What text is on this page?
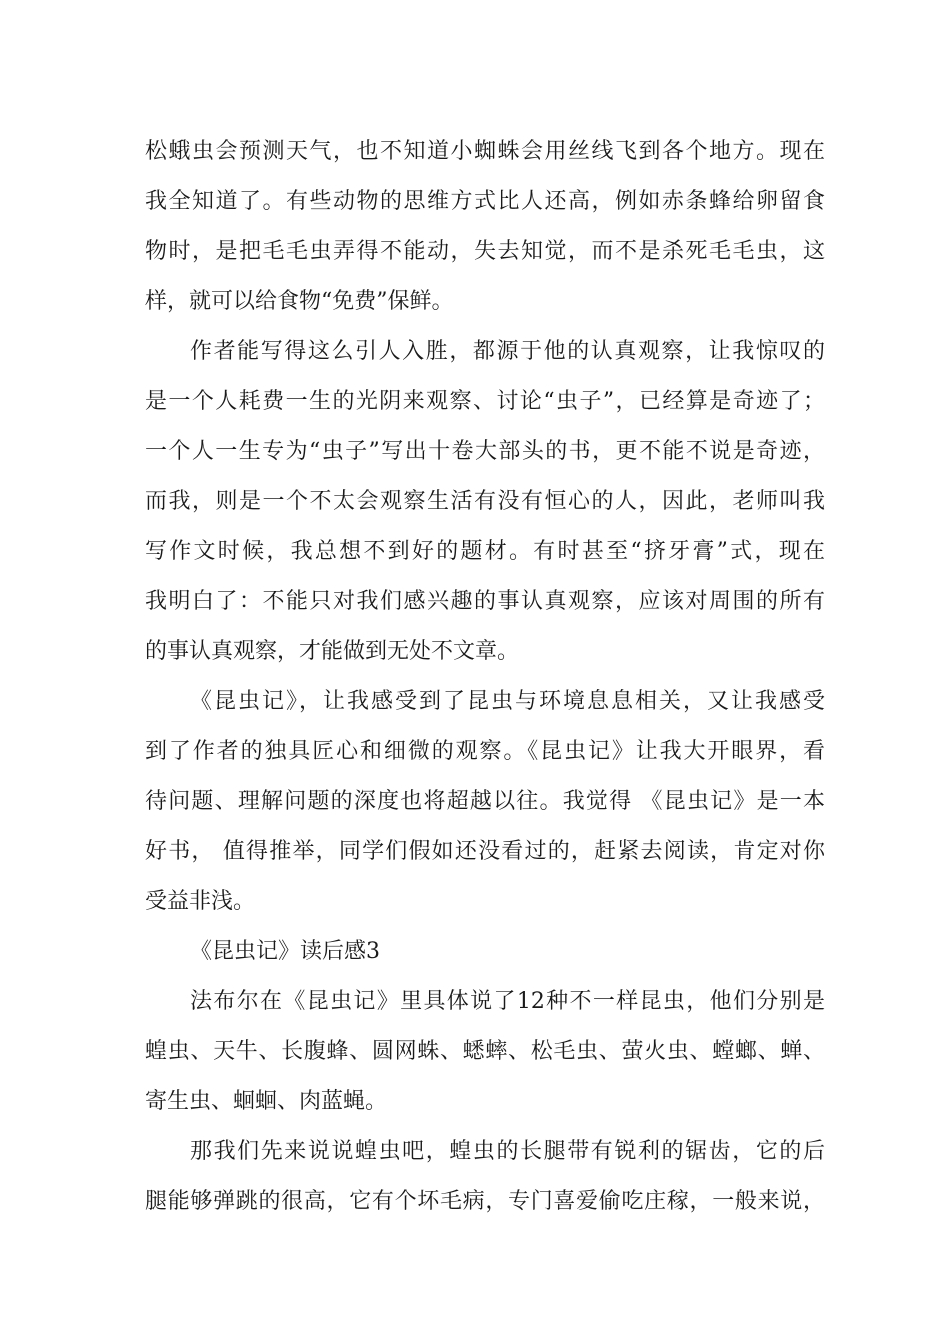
松蛾虫会预测天气，也不知道小蜘蛛会用丝线飞到各个地方。现在
我全知道了。有些动物的思维方式比人还高，例如赤条蜂给卵留食
物时，是把毛毛虫弄得不能动，失去知觉，而不是杀死毛毛虫，这
样，就可以给食物“免费”保鲜。
作者能写得这么引人入胜，都源于他的认真观察，让我惊叹的
是一个人耗费一生的光阴来观察、讨论“虫子”，已经算是奇迹了；
一个人一生专为“虫子”写出十卷大部头的书，更不能不说是奇迹，
而我，则是一个不太会观察生活有没有恒心的人，因此，老师叫我
写作文时候，我总想不到好的题材。有时甚至“挤牙膏”式，现在
我明白了：不能只对我们感兴趣的事认真观察，应该对周围的所有
的事认真观察，才能做到无处不文章。
《昆虫记》，让我感受到了昆虫与环境息息相关，又让我感受
到了作者的独具匠心和细微的观察。《昆虫记》让我大开眼界，看
待问题、理解问题的深度也将超越以往。我觉得 《昆虫记》是一本
好书， 值得推举，同学们假如还没看过的，赶紧去阅读，肯定对你
受益非浅。
《昆虫记》读后感3
法布尔在《昆虫记》里具体说了12种不一样昆虫，他们分别是
蝗虫、天牛、长腹蜂、圆网蛛、蟋蟀、松毛虫、萤火虫、螳螂、蝉、
寄生虫、蛔蛔、肉蓝蝇。
那我们先来说说蝗虫吧，蝗虫的长腿带有锐利的锯齿，它的后
腿能够弹跳的很高，它有个坏毛病，专门喜爱偷吃庄稼，一般来说，
